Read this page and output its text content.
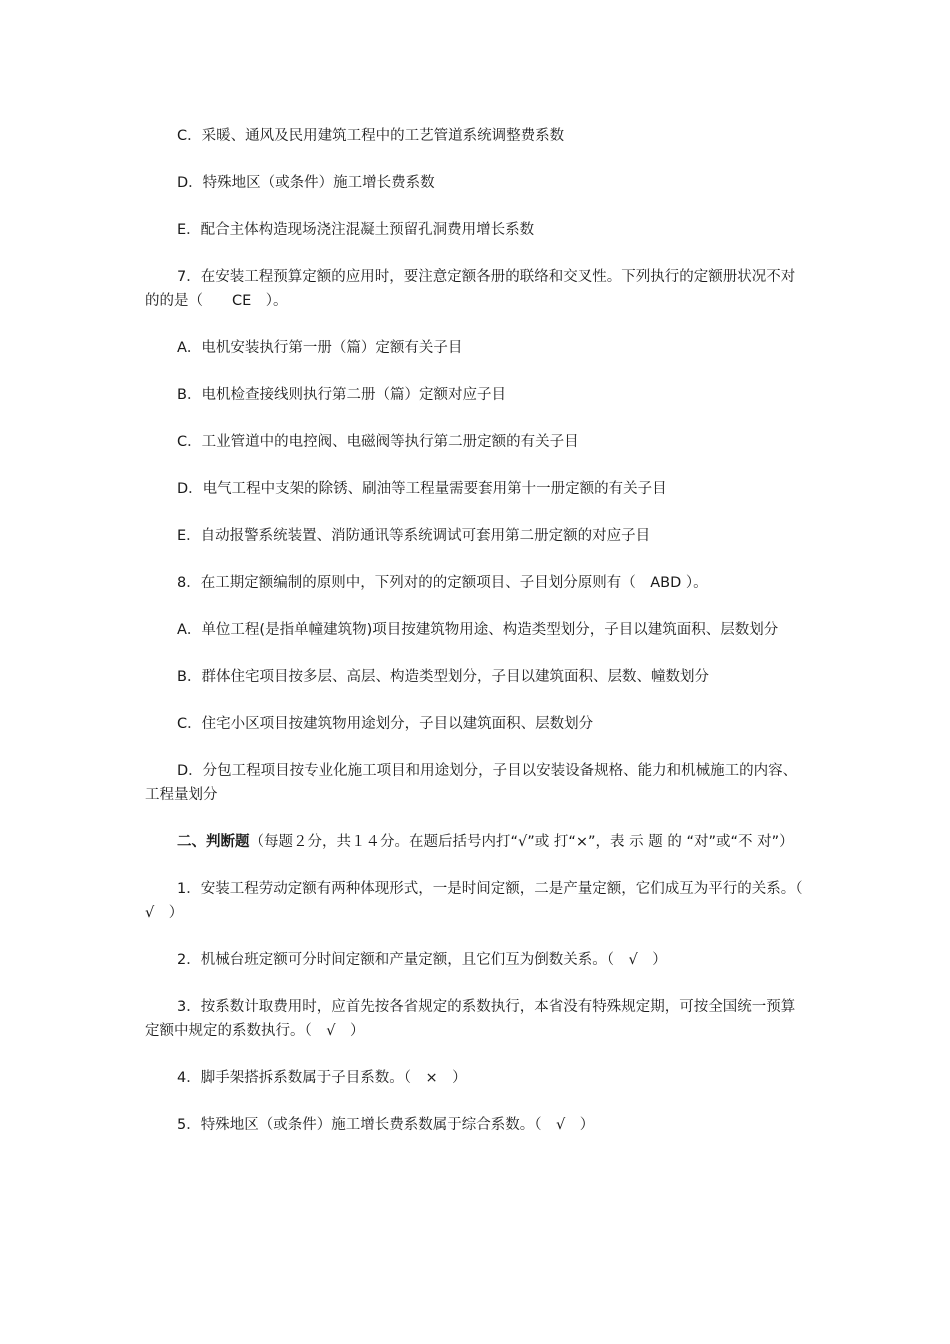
C．采暖、通风及民用建筑工程中的工艺管道系统调整费系数

D．特殊地区（或条件）施工增长费系数

E．配合主体构造现场浇注混凝土预留孔洞费用增长系数

7．在安装工程预算定额的应用时，要注意定额各册的联络和交叉性。下列执行的定额册状况不对的的是（　　CE　）。

A．电机安装执行第一册（篇）定额有关子目

B．电机检查接线则执行第二册（篇）定额对应子目

C．工业管道中的电控阀、电磁阀等执行第二册定额的有关子目

D．电气工程中支架的除锈、刷油等工程量需要套用第十一册定额的有关子目

E．自动报警系统装置、消防通讯等系统调试可套用第二册定额的对应子目

8．在工期定额编制的原则中，下列对的的定额项目、子目划分原则有（　ABD ）。

A．单位工程(是指单幢建筑物)项目按建筑物用途、构造类型划分，子目以建筑面积、层数划分

B．群体住宅项目按多层、高层、构造类型划分，子目以建筑面积、层数、幢数划分

C．住宅小区项目按建筑物用途划分，子目以建筑面积、层数划分

D．分包工程项目按专业化施工项目和用途划分，子目以安装设备规格、能力和机械施工的内容、工程量划分

二、判断题（每题２分，共１４分。在题后括号内打“√”或 打“×”，表 示 题 的 “对”或“不 对”）

1．安装工程劳动定额有两种体现形式，一是时间定额，二是产量定额，它们成互为平行的关系。（　√　）

2．机械台班定额可分时间定额和产量定额，且它们互为倒数关系。（　√　）

3．按系数计取费用时，应首先按各省规定的系数执行，本省没有特殊规定期，可按全国统一预算定额中规定的系数执行。（　√　）

4．脚手架搭拆系数属于子目系数。（　×　）

5．特殊地区（或条件）施工增长费系数属于综合系数。（　√　）
